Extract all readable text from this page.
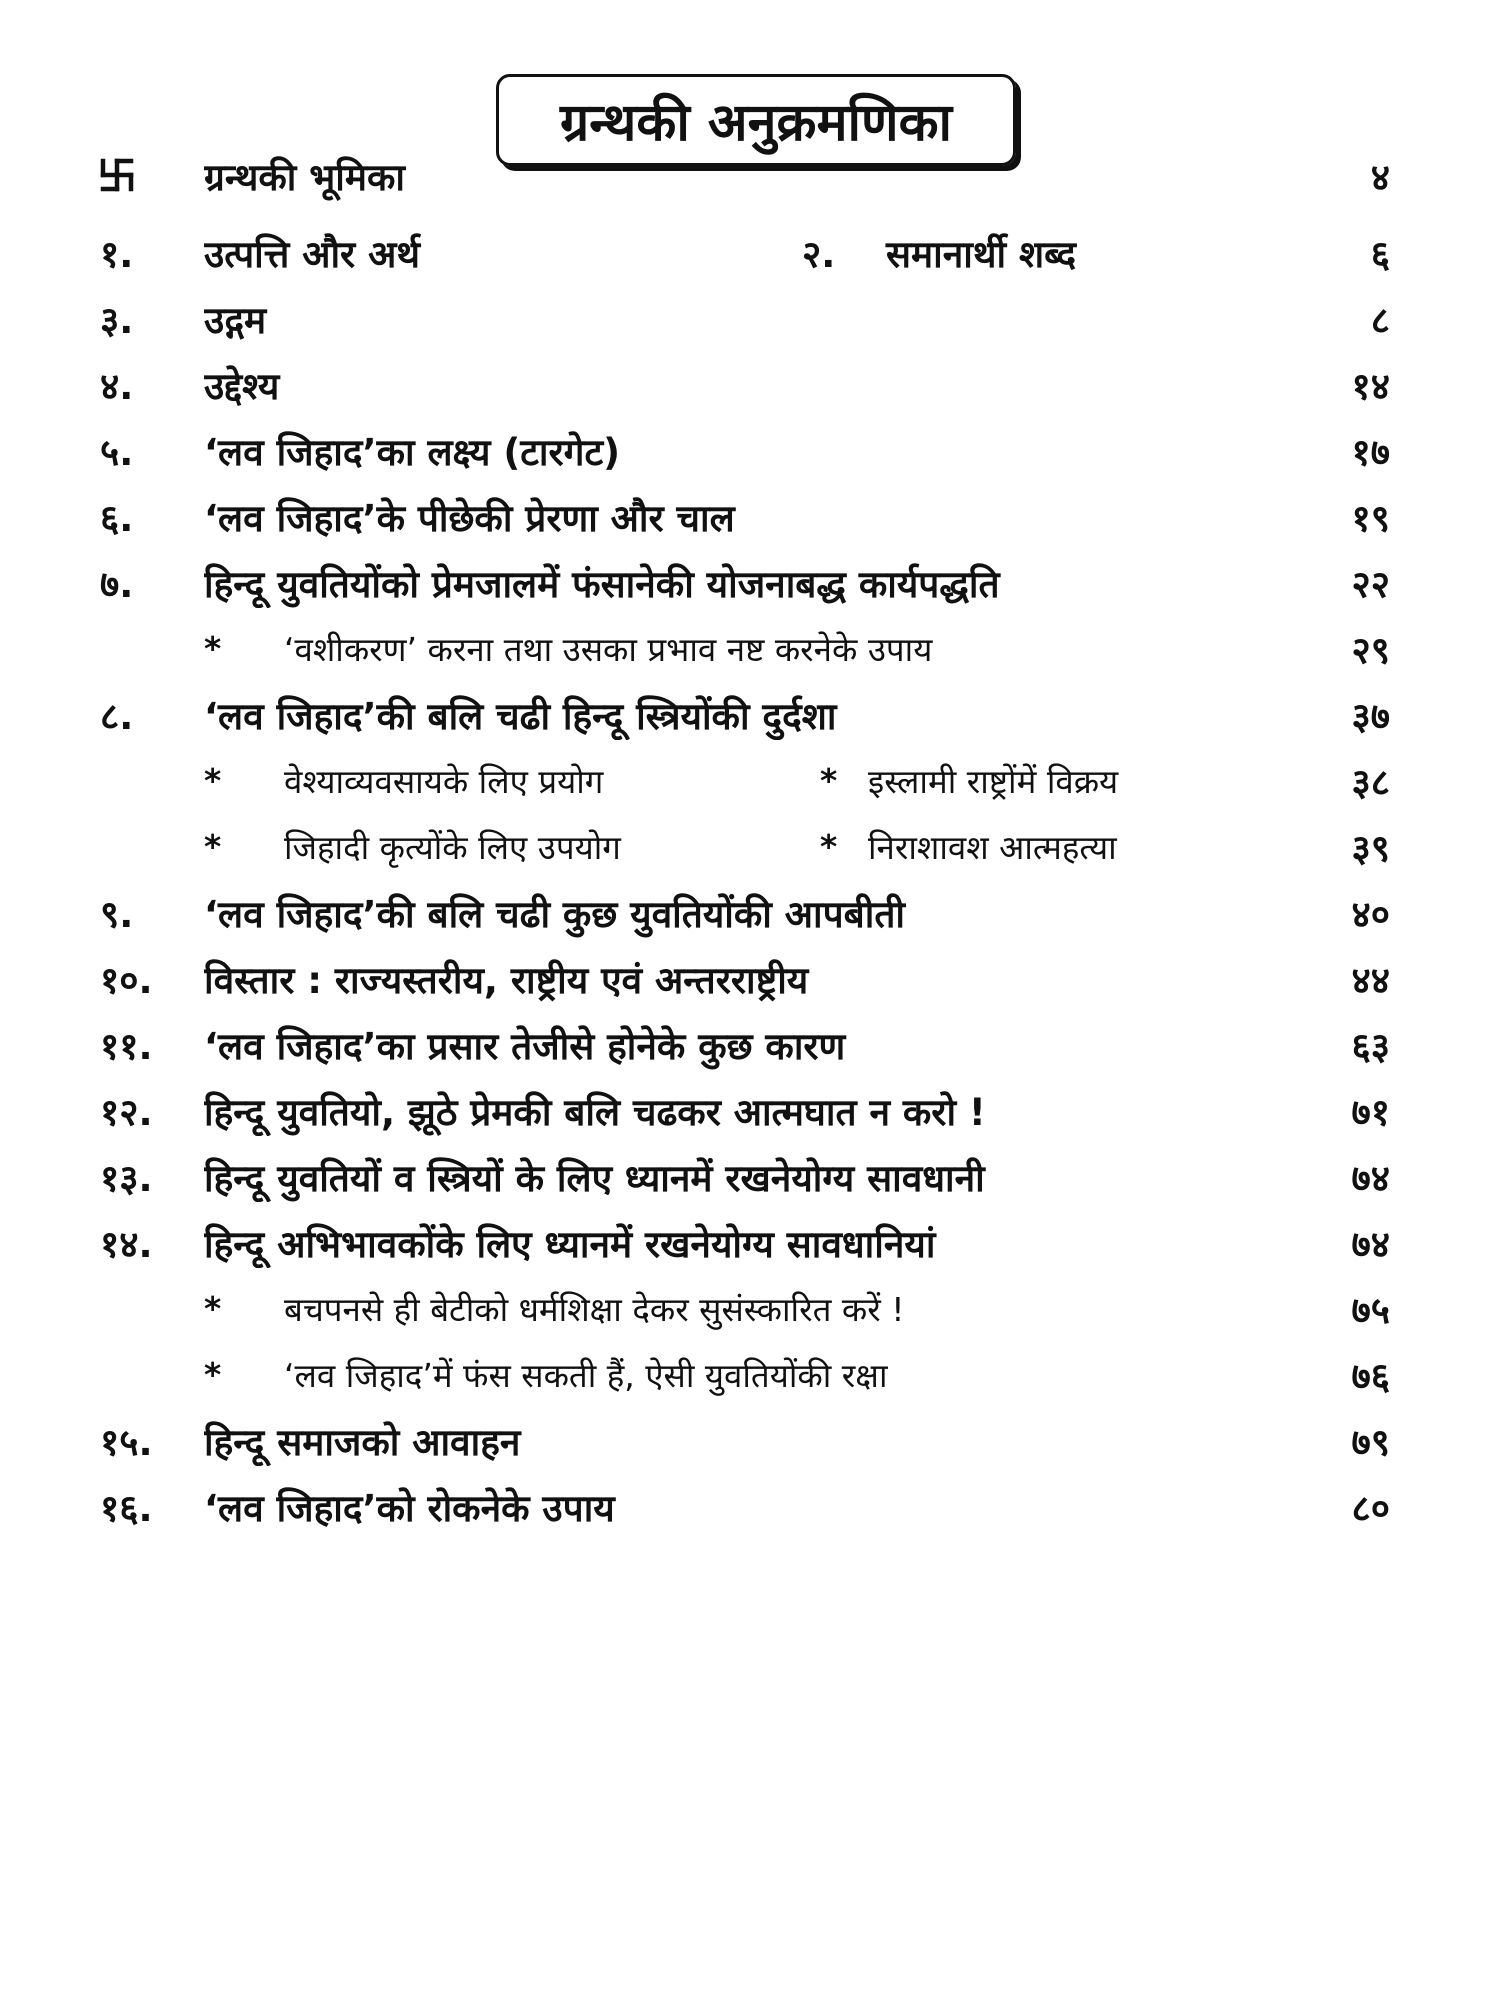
ग्रन्थकी अनुक्रमणिका
ग्रन्थकी भूमिका	४
१.	उत्पत्ति और अर्थ	२.	समानार्थी शब्द	६
३.	उद्गम	८
४.	उद्देश्य	१४
५.	‘लव जिहाद’का लक्ष्य (टारगेट)	१७
६.	‘लव जिहाद’के पीछेकी प्रेरणा और चाल	१९
७.	हिन्दू युवतियोंको प्रेमजालमें फंसानेकी योजनाबद्ध कार्यपद्धति	२२
*	‘वशीकरण’ करना तथा उसका प्रभाव नष्ट करनेके उपाय	२९
८.	‘लव जिहाद’की बलि चढी हिन्दू स्त्रियोंकी दुर्दशा	३७
*	वेश्याव्यवसायके लिए प्रयोग	* इस्लामी राष्ट्रोंमें विक्रय	३८
*	जिहादी कृत्योंके लिए उपयोग	* निराशावश आत्महत्या	३९
९.	‘लव जिहाद’की बलि चढी कुछ युवतियोंकी आपबीती	४०
१०.	विस्तार : राज्यस्तरीय, राष्ट्रीय एवं अन्तरराष्ट्रीय	४४
११.	‘लव जिहाद’का प्रसार तेजीसे होनेके कुछ कारण	६३
१२.	हिन्दू युवतियो, झूठे प्रेमकी बलि चढकर आत्मघात न करो !	७१
१३.	हिन्दू युवतियों व स्त्रियों के लिए ध्यानमें रखनेयोग्य सावधानी	७४
१४.	हिन्दू अभिभावकोंके लिए ध्यानमें रखनेयोग्य सावधानियां	७४
*	बचपनसे ही बेटीको धर्मशिक्षा देकर सुसंस्कारित करें !	७५
*	‘लव जिहाद’में फंस सकती हैं, ऐसी युवतियोंकी रक्षा	७६
१५.	हिन्दू समाजको आवाहन	७९
१६.	‘लव जिहाद’को रोकनेके उपाय	८०
